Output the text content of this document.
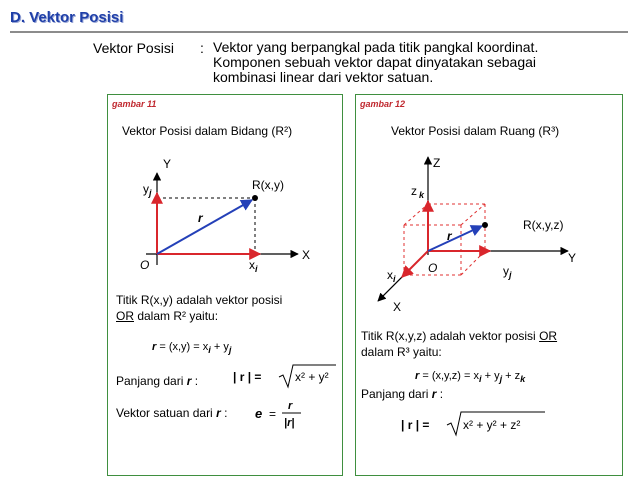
D. Vektor Posisi
Vektor Posisi : Vektor yang berpangkal pada titik pangkal koordinat.
Komponen sebuah vektor dapat dinyatakan sebagai
kombinasi linear dari vektor satuan.
gambar 11
Vektor Posisi dalam Bidang (R²)
Y
X
O
R(x,y)
r
$y_j$
$x_i$
Titik R(x,y) adalah vektor posisi
OR dalam R² yaitu:
$r = (x,y) = x_i + y_j$
Panjang dari r :	| r | =	x² + y²
Vektor satuan dari r : e =
r
|r|
gambar 12
Vektor Posisi dalam Ruang (R³)
Z
Y
X
O
R(x,y,z)
r
z $_k$
$y_j$
$x_i$
Titik R(x,y,z) adalah vektor posisi OR
dalam R³ yaitu:
$r = (x,y,z) = x_i + y_j + z_k$
Panjang dari r :
| r | =	x² + y² + z²
